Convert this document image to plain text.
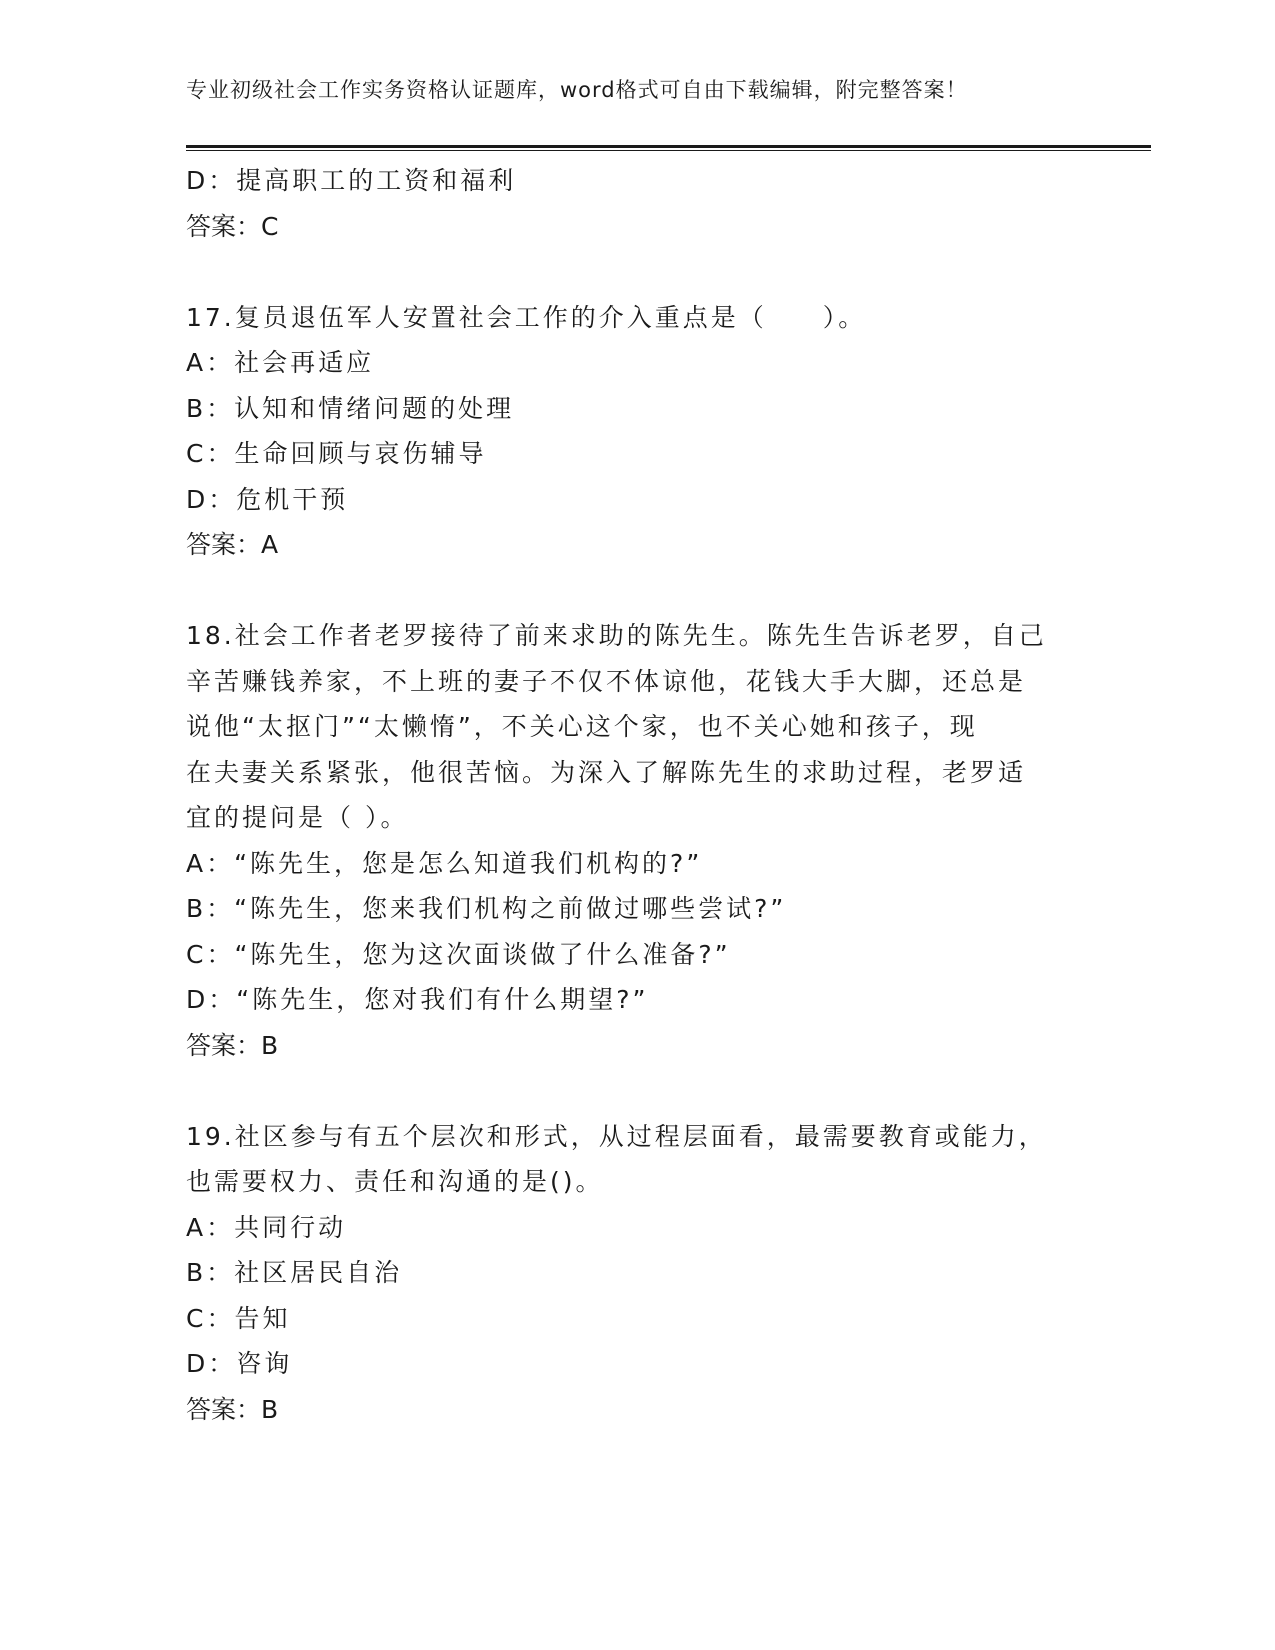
专业初级社会工作实务资格认证题库，word格式可自由下载编辑，附完整答案！
D：提高职工的工资和福利
答案：C
17.复员退伍军人安置社会工作的介入重点是（　　）。
A：社会再适应
B：认知和情绪问题的处理
C：生命回顾与哀伤辅导
D：危机干预
答案：A
18.社会工作者老罗接待了前来求助的陈先生。陈先生告诉老罗，自己
辛苦赚钱养家，不上班的妻子不仅不体谅他，花钱大手大脚，还总是
说他“太抠门”“太懒惰”，不关心这个家，也不关心她和孩子，现
在夫妻关系紧张，他很苦恼。为深入了解陈先生的求助过程，老罗适
宜的提问是（ ）。
A：“陈先生，您是怎么知道我们机构的?”
B：“陈先生，您来我们机构之前做过哪些尝试?”
C：“陈先生，您为这次面谈做了什么准备?”
D：“陈先生，您对我们有什么期望?”
答案：B
19.社区参与有五个层次和形式，从过程层面看，最需要教育或能力，
也需要权力、责任和沟通的是()。
A：共同行动
B：社区居民自治
C：告知
D：咨询
答案：B
